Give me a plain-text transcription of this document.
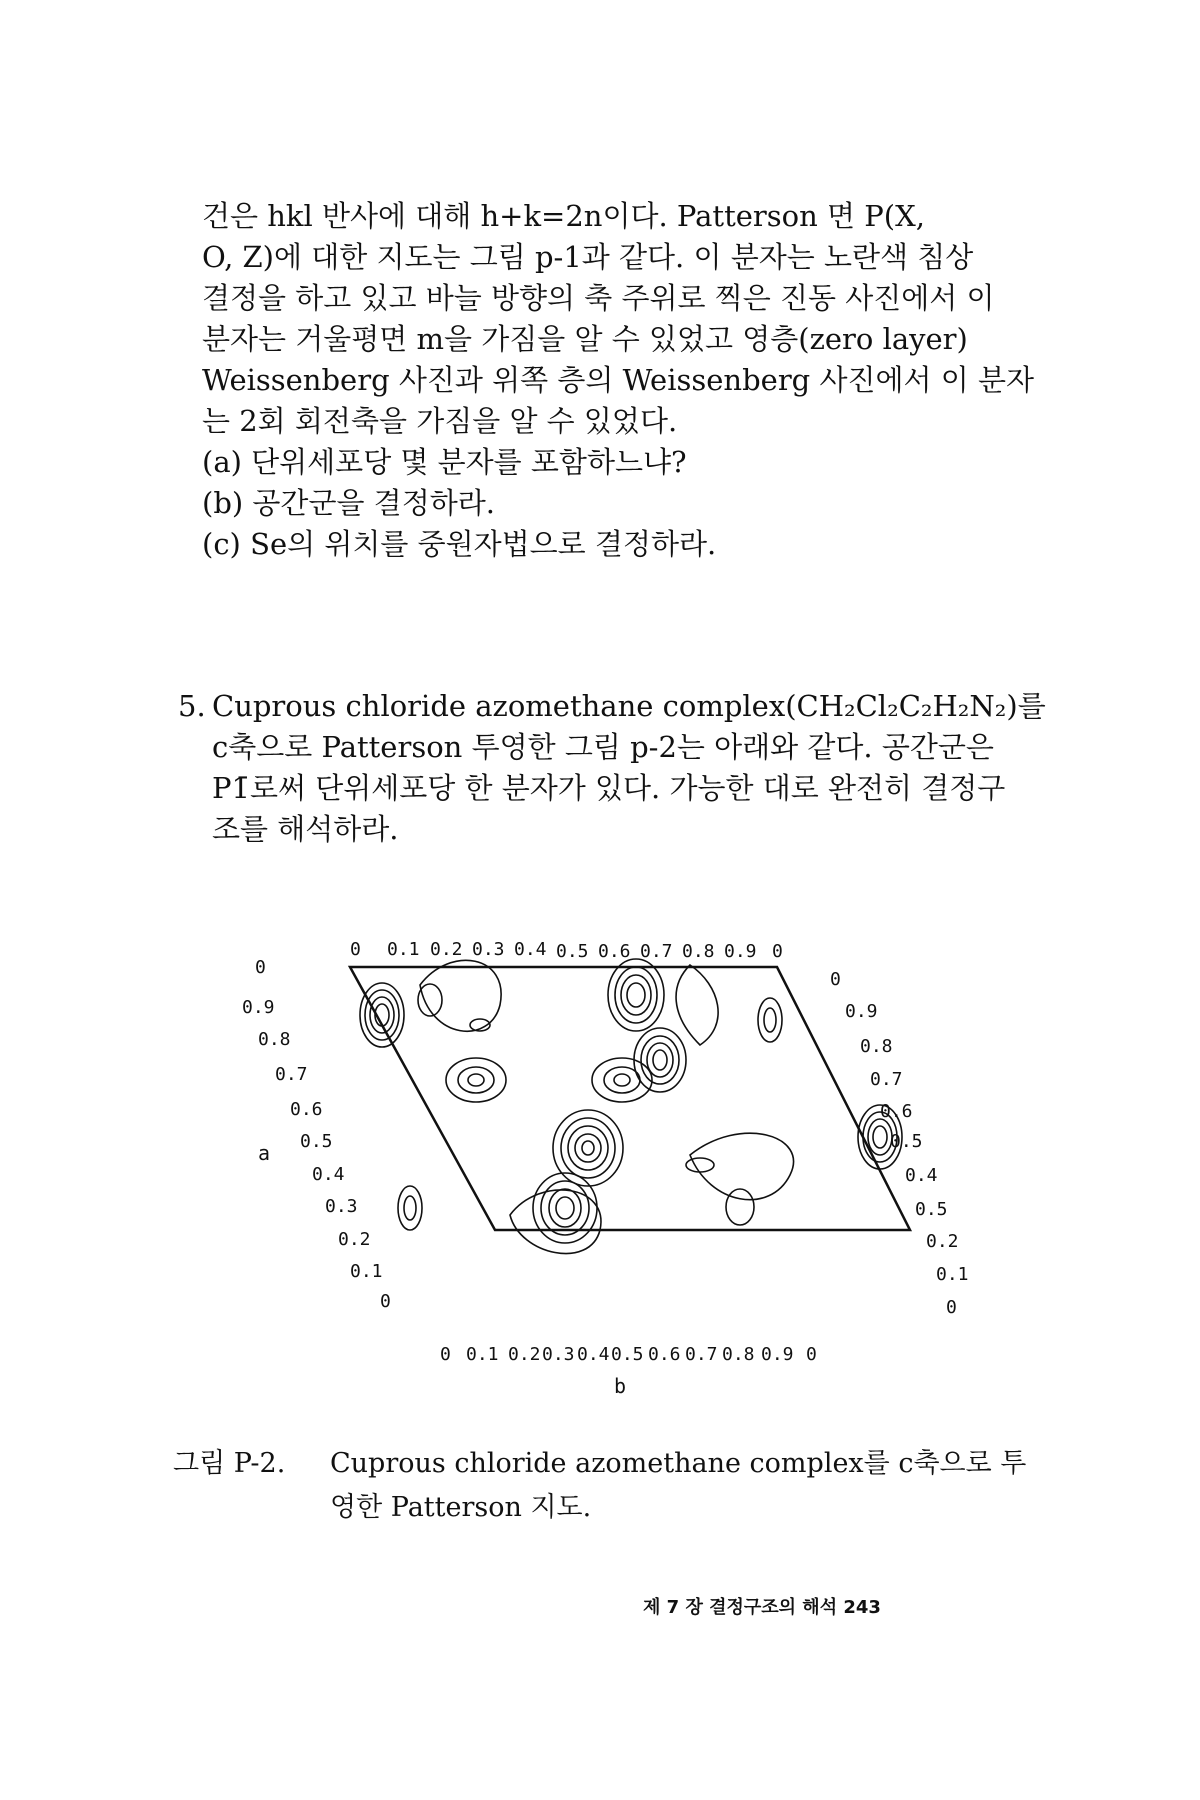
건은 hkl 반사에 대해 h+k=2n이다. Patterson 면 P(X,
O, Z)에 대한 지도는 그림 p-1과 같다. 이 분자는 노란색 침상
결정을 하고 있고 바늘 방향의 축 주위로 찍은 진동 사진에서 이
분자는 거울평면 m을 가짐을 알 수 있었고 영층(zero layer)
Weissenberg 사진과 위쪽 층의 Weissenberg 사진에서 이 분자
는 2회 회전축을 가짐을 알 수 있었다.
(a) 단위세포당 몇 분자를 포함하느냐?
(b) 공간군을 결정하라.
(c) Se의 위치를 중원자법으로 결정하라.
5. Cuprous chloride azomethane complex(CH₂Cl₂C₂H₂N₂)를
c축으로 Patterson 투영한 그림 p-2는 아래와 같다. 공간군은
P1̄로써 단위세포당 한 분자가 있다. 가능한 대로 완전히 결정구
조를 해석하라.
0 0.1 0.2 0.3 0.4 0.5 0.6 0.7 0.8 0.9 0
0
0.9
0.8
0.7
0.6
0.5
0.4
0.3
0.2
0.1
0
0
0.9
0.8
0.7
0.6
0.5
0.4
0.5
0.2
0.1
0
a
0 0.1 0.2 0.3 0.4 0.5 0.6 0.7 0.8 0.9 0
b
그림 P-2. Cuprous chloride azomethane complex를 c축으로 투
영한 Patterson 지도.
제 7 장 결정구조의 해석 243
